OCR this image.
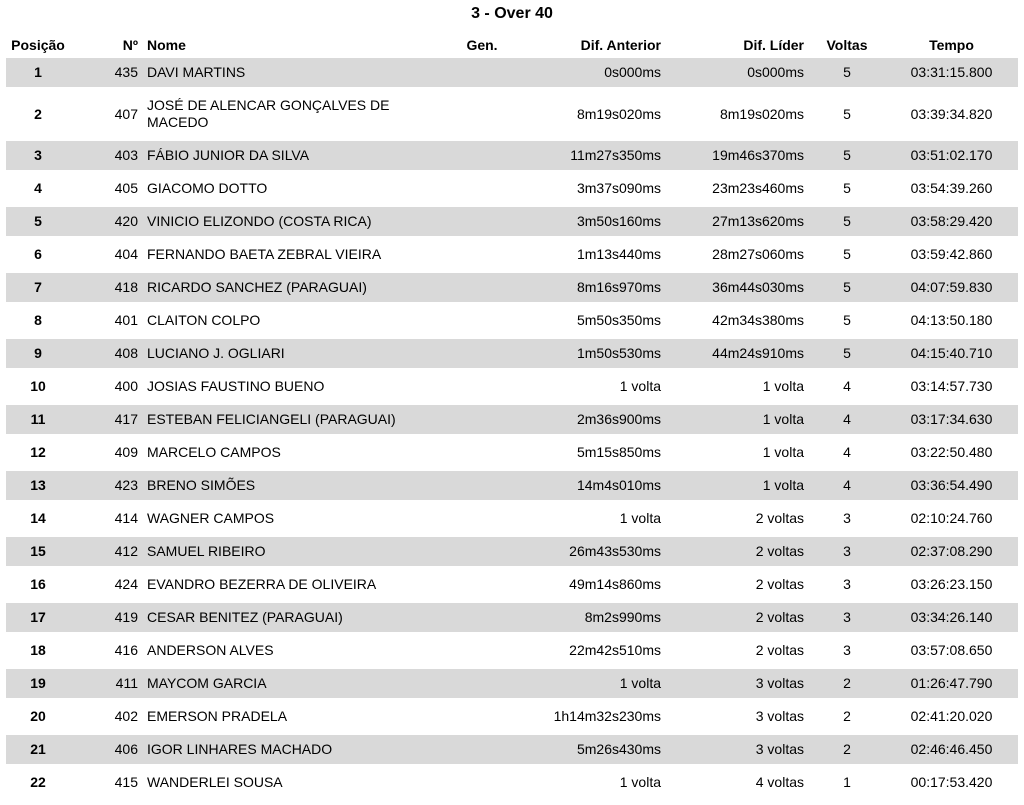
3 - Over 40
Posição	Nº	Nome	Gen.	Dif. Anterior	Dif. Líder	Voltas	Tempo
1	435	DAVI MARTINS		0s000ms	0s000ms	5	03:31:15.800
2	407	JOSÉ DE ALENCAR GONÇALVES DE MACEDO		8m19s020ms	8m19s020ms	5	03:39:34.820
3	403	FÁBIO JUNIOR DA SILVA		11m27s350ms	19m46s370ms	5	03:51:02.170
4	405	GIACOMO DOTTO		3m37s090ms	23m23s460ms	5	03:54:39.260
5	420	VINICIO ELIZONDO (COSTA RICA)		3m50s160ms	27m13s620ms	5	03:58:29.420
6	404	FERNANDO BAETA ZEBRAL VIEIRA		1m13s440ms	28m27s060ms	5	03:59:42.860
7	418	RICARDO SANCHEZ (PARAGUAI)		8m16s970ms	36m44s030ms	5	04:07:59.830
8	401	CLAITON COLPO		5m50s350ms	42m34s380ms	5	04:13:50.180
9	408	LUCIANO J. OGLIARI		1m50s530ms	44m24s910ms	5	04:15:40.710
10	400	JOSIAS FAUSTINO BUENO		1 volta	1 volta	4	03:14:57.730
11	417	ESTEBAN FELICIANGELI (PARAGUAI)		2m36s900ms	1 volta	4	03:17:34.630
12	409	MARCELO CAMPOS		5m15s850ms	1 volta	4	03:22:50.480
13	423	BRENO SIMÕES		14m4s010ms	1 volta	4	03:36:54.490
14	414	WAGNER CAMPOS		1 volta	2 voltas	3	02:10:24.760
15	412	SAMUEL RIBEIRO		26m43s530ms	2 voltas	3	02:37:08.290
16	424	EVANDRO BEZERRA DE OLIVEIRA		49m14s860ms	2 voltas	3	03:26:23.150
17	419	CESAR BENITEZ (PARAGUAI)		8m2s990ms	2 voltas	3	03:34:26.140
18	416	ANDERSON ALVES		22m42s510ms	2 voltas	3	03:57:08.650
19	411	MAYCOM GARCIA		1 volta	3 voltas	2	01:26:47.790
20	402	EMERSON PRADELA		1h14m32s230ms	3 voltas	2	02:41:20.020
21	406	IGOR LINHARES MACHADO		5m26s430ms	3 voltas	2	02:46:46.450
22	415	WANDERLEI SOUSA		1 volta	4 voltas	1	00:17:53.420
